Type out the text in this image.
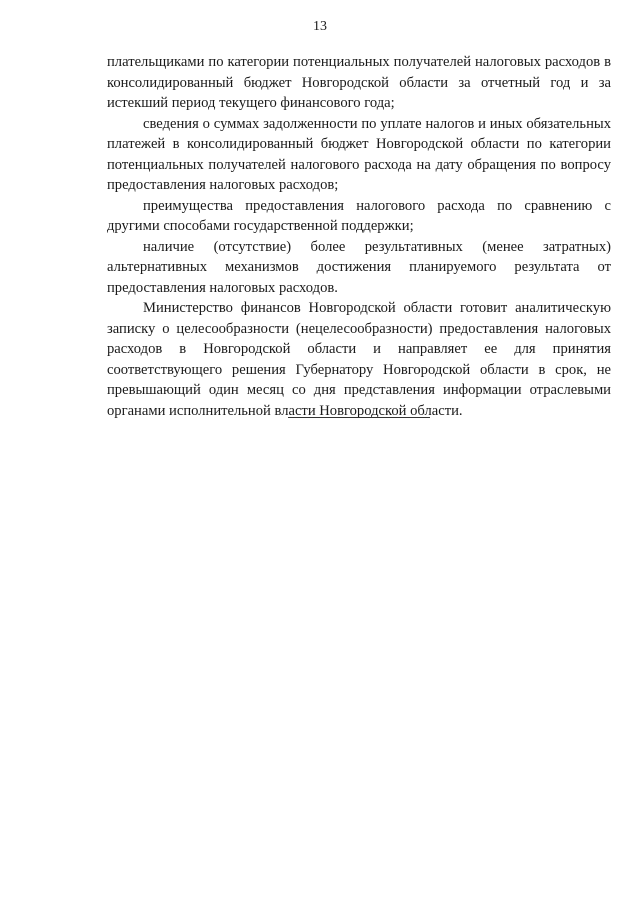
13

плательщиками по категории потенциальных получателей налоговых расходов в консолидированный бюджет Новгородской области за отчетный год и за истекший период текущего финансового года;

сведения о суммах задолженности по уплате налогов и иных обязательных платежей в консолидированный бюджет Новгородской области по категории потенциальных получателей налогового расхода на дату обращения по вопросу предоставления налоговых расходов;

преимущества предоставления налогового расхода по сравнению с другими способами государственной поддержки;

наличие (отсутствие) более результативных (менее затратных) альтернативных механизмов достижения планируемого результата от предоставления налоговых расходов.

Министерство финансов Новгородской области готовит аналитическую записку о целесообразности (нецелесообразности) предоставления налоговых расходов в Новгородской области и направляет ее для принятия соответствующего решения Губернатору Новгородской области в срок, не превышающий один месяц со дня представления информации отраслевыми органами исполнительной власти Новгородской области.
